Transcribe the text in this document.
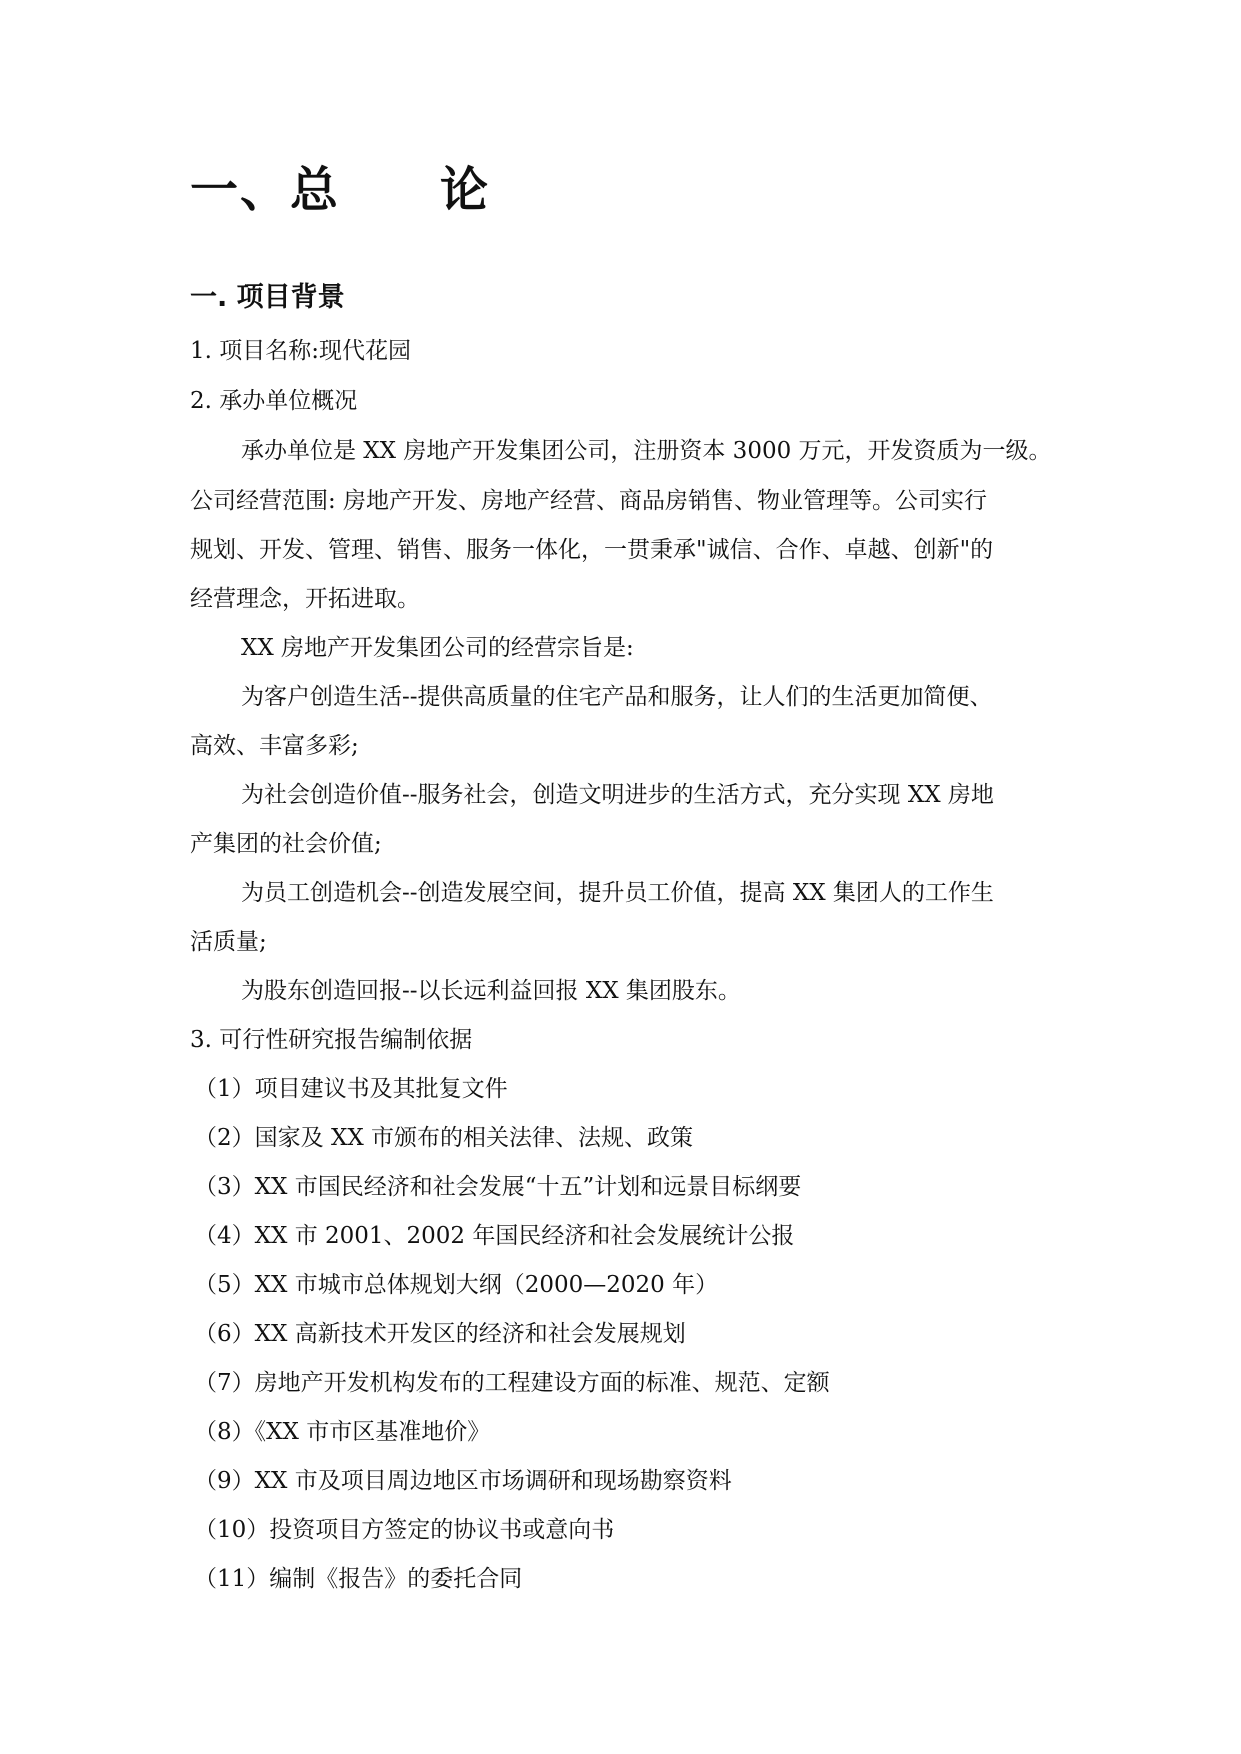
一、总　　论
一. 项目背景

1. 项目名称:现代花园

2. 承办单位概况

承办单位是 XX 房地产开发集团公司，注册资本 3000 万元，开发资质为一级。

公司经营范围: 房地产开发、房地产经营、商品房销售、物业管理等。公司实行

规划、开发、管理、销售、服务一体化，一贯秉承"诚信、合作、卓越、创新"的

经营理念，开拓进取。

XX 房地产开发集团公司的经营宗旨是:

为客户创造生活--提供高质量的住宅产品和服务，让人们的生活更加简便、

高效、丰富多彩;

为社会创造价值--服务社会，创造文明进步的生活方式，充分实现 XX 房地

产集团的社会价值;

为员工创造机会--创造发展空间，提升员工价值，提高 XX 集团人的工作生

活质量;

为股东创造回报--以长远利益回报 XX 集团股东。

3. 可行性研究报告编制依据

（1）项目建议书及其批复文件

（2）国家及 XX 市颁布的相关法律、法规、政策

（3）XX 市国民经济和社会发展“十五”计划和远景目标纲要

（4）XX 市 2001、2002 年国民经济和社会发展统计公报

（5）XX 市城市总体规划大纲（2000—2020 年）

（6）XX 高新技术开发区的经济和社会发展规划

（7）房地产开发机构发布的工程建设方面的标准、规范、定额

（8）《XX 市市区基准地价》

（9）XX 市及项目周边地区市场调研和现场勘察资料

（10）投资项目方签定的协议书或意向书

（11）编制《报告》的委托合同
